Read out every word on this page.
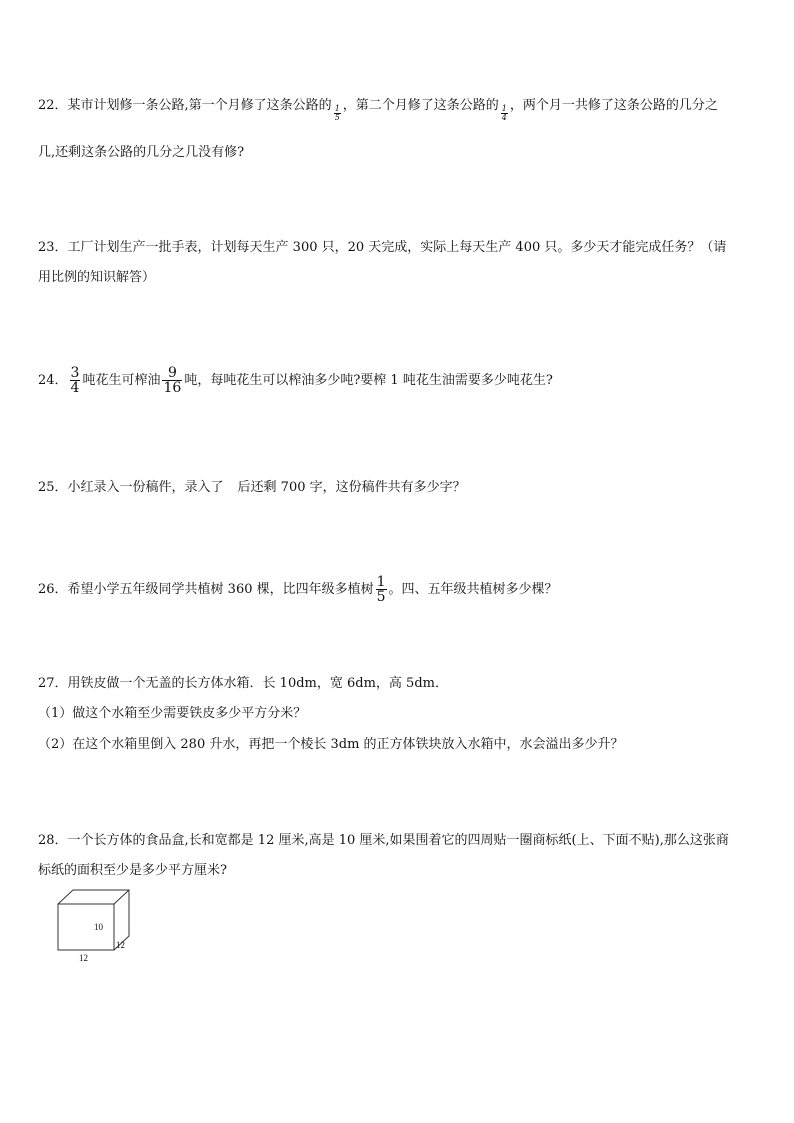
22．某市计划修一条公路,第一个月修了这条公路的 $\frac{1}{5}$ ，第二个月修了这条公路的 $\frac{1}{4}$ ，两个月一共修了这条公路的几分之
几,还剩这条公路的几分之几没有修?
23．工厂计划生产一批手表，计划每天生产 300 只，20 天完成，实际上每天生产 400 只。多少天才能完成任务？（请
用比例的知识解答）
24． $\frac{3}{4}$ 吨花生可榨油 $\frac{9}{16}$ 吨，每吨花生可以榨油多少吨?要榨 1 吨花生油需要多少吨花生?
25．小红录入一份稿件，录入了 后还剩 700 字，这份稿件共有多少字？
26．希望小学五年级同学共植树 360 棵，比四年级多植树 $\frac{1}{5}$ 。四、五年级共植树多少棵？
27．用铁皮做一个无盖的长方体水箱．长 10dm，宽 6dm，高 5dm．
（1）做这个水箱至少需要铁皮多少平方分米？
（2）在这个水箱里倒入 280 升水，再把一个棱长 3dm 的正方体铁块放入水箱中，水会溢出多少升？
28．一个长方体的食品盒,长和宽都是 12 厘米,高是 10 厘米,如果围着它的四周贴一圈商标纸(上、下面不贴),那么这张商
标纸的面积至少是多少平方厘米?
10
12
12
